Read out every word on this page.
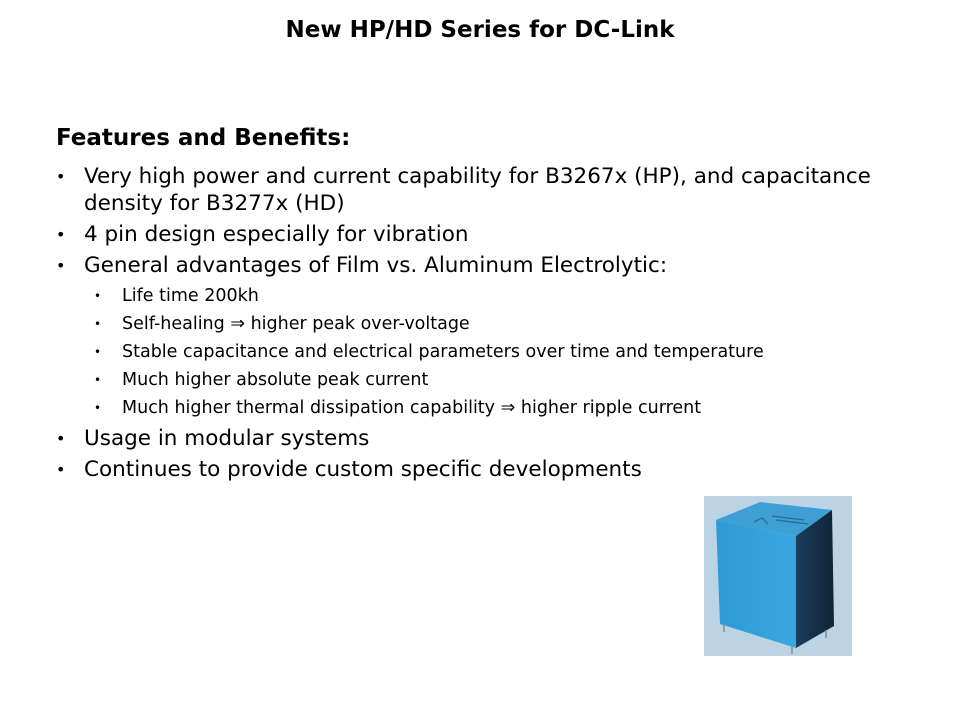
New HP/HD Series for DC-Link
Features and Benefits:
• Very high power and current capability for B3267x (HP), and capacitance density for B3277x (HD)
• 4 pin design especially for vibration
• General advantages of Film vs. Aluminum Electrolytic:
• Life time 200kh
• Self-healing ⇒ higher peak over-voltage
• Stable capacitance and electrical parameters over time and temperature
• Much higher absolute peak current
• Much higher thermal dissipation capability ⇒ higher ripple current
• Usage in modular systems
• Continues to provide custom specific developments
